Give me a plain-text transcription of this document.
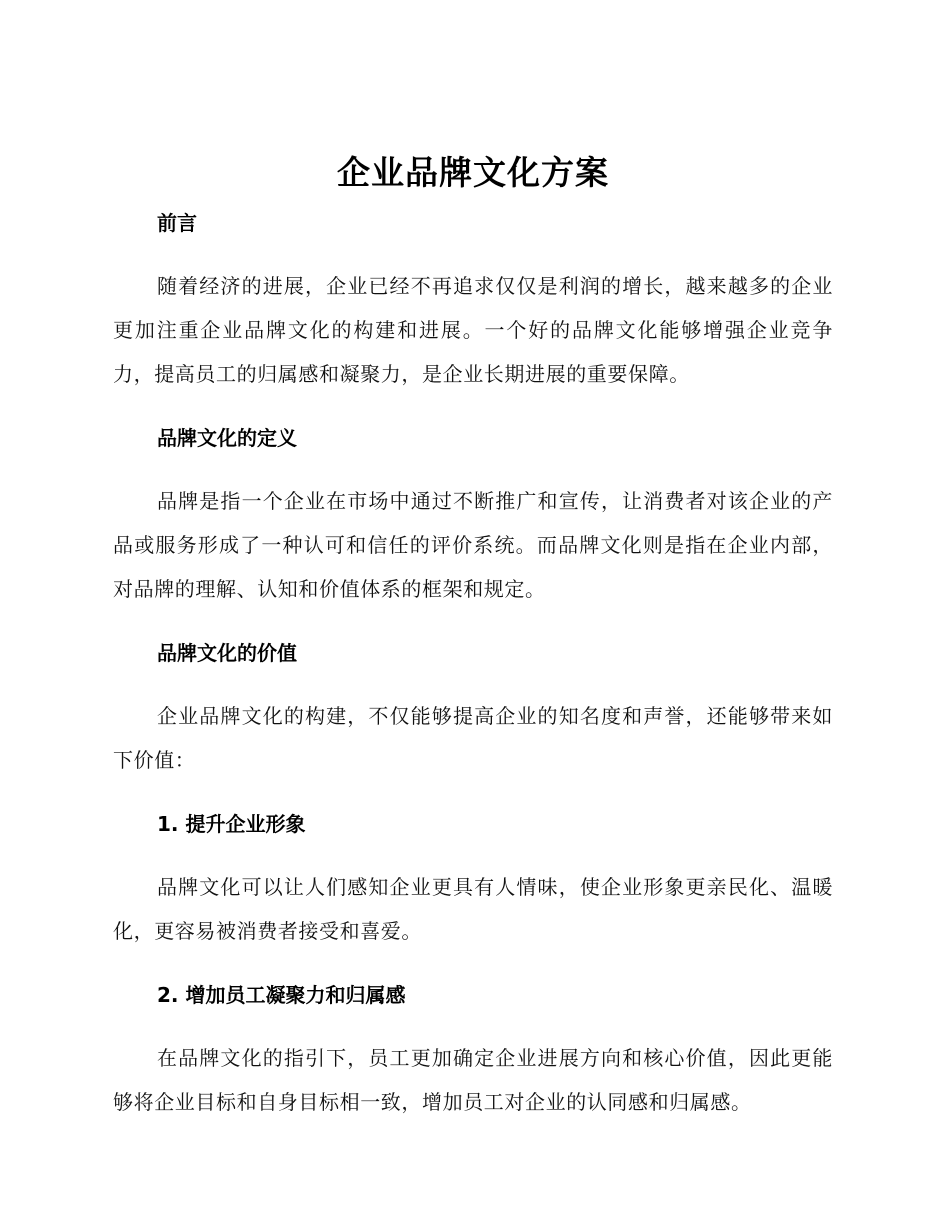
企业品牌文化方案
前言

随着经济的进展，企业已经不再追求仅仅是利润的增长，越来越多的企业更加注重企业品牌文化的构建和进展。一个好的品牌文化能够增强企业竞争力，提高员工的归属感和凝聚力，是企业长期进展的重要保障。

品牌文化的定义

品牌是指一个企业在市场中通过不断推广和宣传，让消费者对该企业的产品或服务形成了一种认可和信任的评价系统。而品牌文化则是指在企业内部，对品牌的理解、认知和价值体系的框架和规定。

品牌文化的价值

企业品牌文化的构建，不仅能够提高企业的知名度和声誉，还能够带来如下价值：

1. 提升企业形象

品牌文化可以让人们感知企业更具有人情味，使企业形象更亲民化、温暖化，更容易被消费者接受和喜爱。

2. 增加员工凝聚力和归属感

在品牌文化的指引下，员工更加确定企业进展方向和核心价值，因此更能够将企业目标和自身目标相一致，增加员工对企业的认同感和归属感。
